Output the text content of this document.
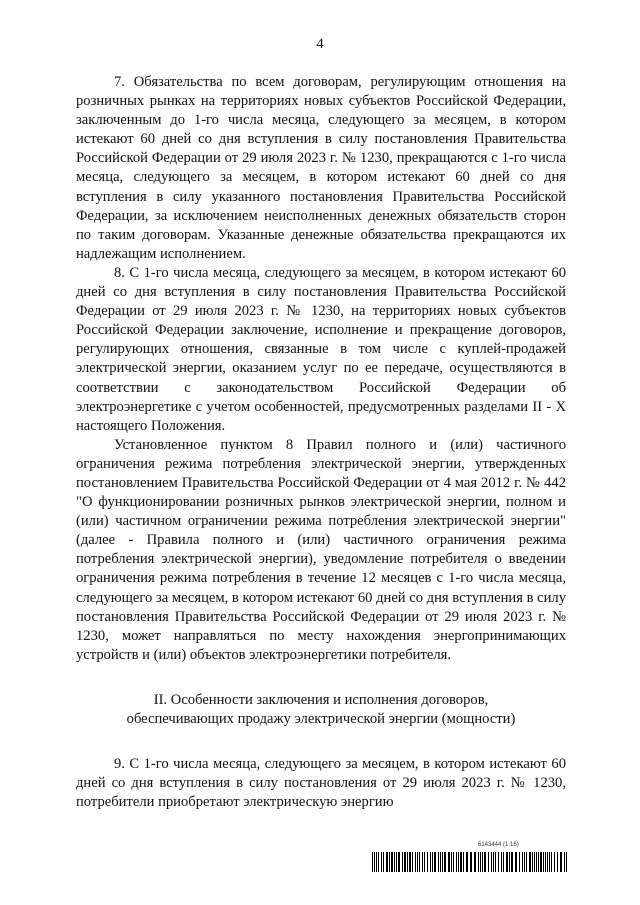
4

7. Обязательства по всем договорам, регулирующим отношения на розничных рынках на территориях новых субъектов Российской Федерации, заключенным до 1-го числа месяца, следующего за месяцем, в котором истекают 60 дней со дня вступления в силу постановления Правительства Российской Федерации от 29 июля 2023 г. № 1230, прекращаются с 1-го числа месяца, следующего за месяцем, в котором истекают 60 дней со дня вступления в силу указанного постановления Правительства Российской Федерации, за исключением неисполненных денежных обязательств сторон по таким договорам. Указанные денежные обязательства прекращаются их надлежащим исполнением.

8. С 1-го числа месяца, следующего за месяцем, в котором истекают 60 дней со дня вступления в силу постановления Правительства Российской Федерации от 29 июля 2023 г. № 1230, на территориях новых субъектов Российской Федерации заключение, исполнение и прекращение договоров, регулирующих отношения, связанные в том числе с куплей-продажей электрической энергии, оказанием услуг по ее передаче, осуществляются в соответствии с законодательством Российской Федерации об электроэнергетике с учетом особенностей, предусмотренных разделами II - X настоящего Положения.

Установленное пунктом 8 Правил полного и (или) частичного ограничения режима потребления электрической энергии, утвержденных постановлением Правительства Российской Федерации от 4 мая 2012 г. № 442 "О функционировании розничных рынков электрической энергии, полном и (или) частичном ограничении режима потребления электрической энергии" (далее - Правила полного и (или) частичного ограничения режима потребления электрической энергии), уведомление потребителя о введении ограничения режима потребления в течение 12 месяцев с 1-го числа месяца, следующего за месяцем, в котором истекают 60 дней со дня вступления в силу постановления Правительства Российской Федерации от 29 июля 2023 г. № 1230, может направляться по месту нахождения энергопринимающих устройств и (или) объектов электроэнергетики потребителя.

II. Особенности заключения и исполнения договоров,
обеспечивающих продажу электрической энергии (мощности)

9. С 1-го числа месяца, следующего за месяцем, в котором истекают 60 дней со дня вступления в силу постановления от 29 июля 2023 г. № 1230, потребители приобретают электрическую энергию

6143444 (1.16)
